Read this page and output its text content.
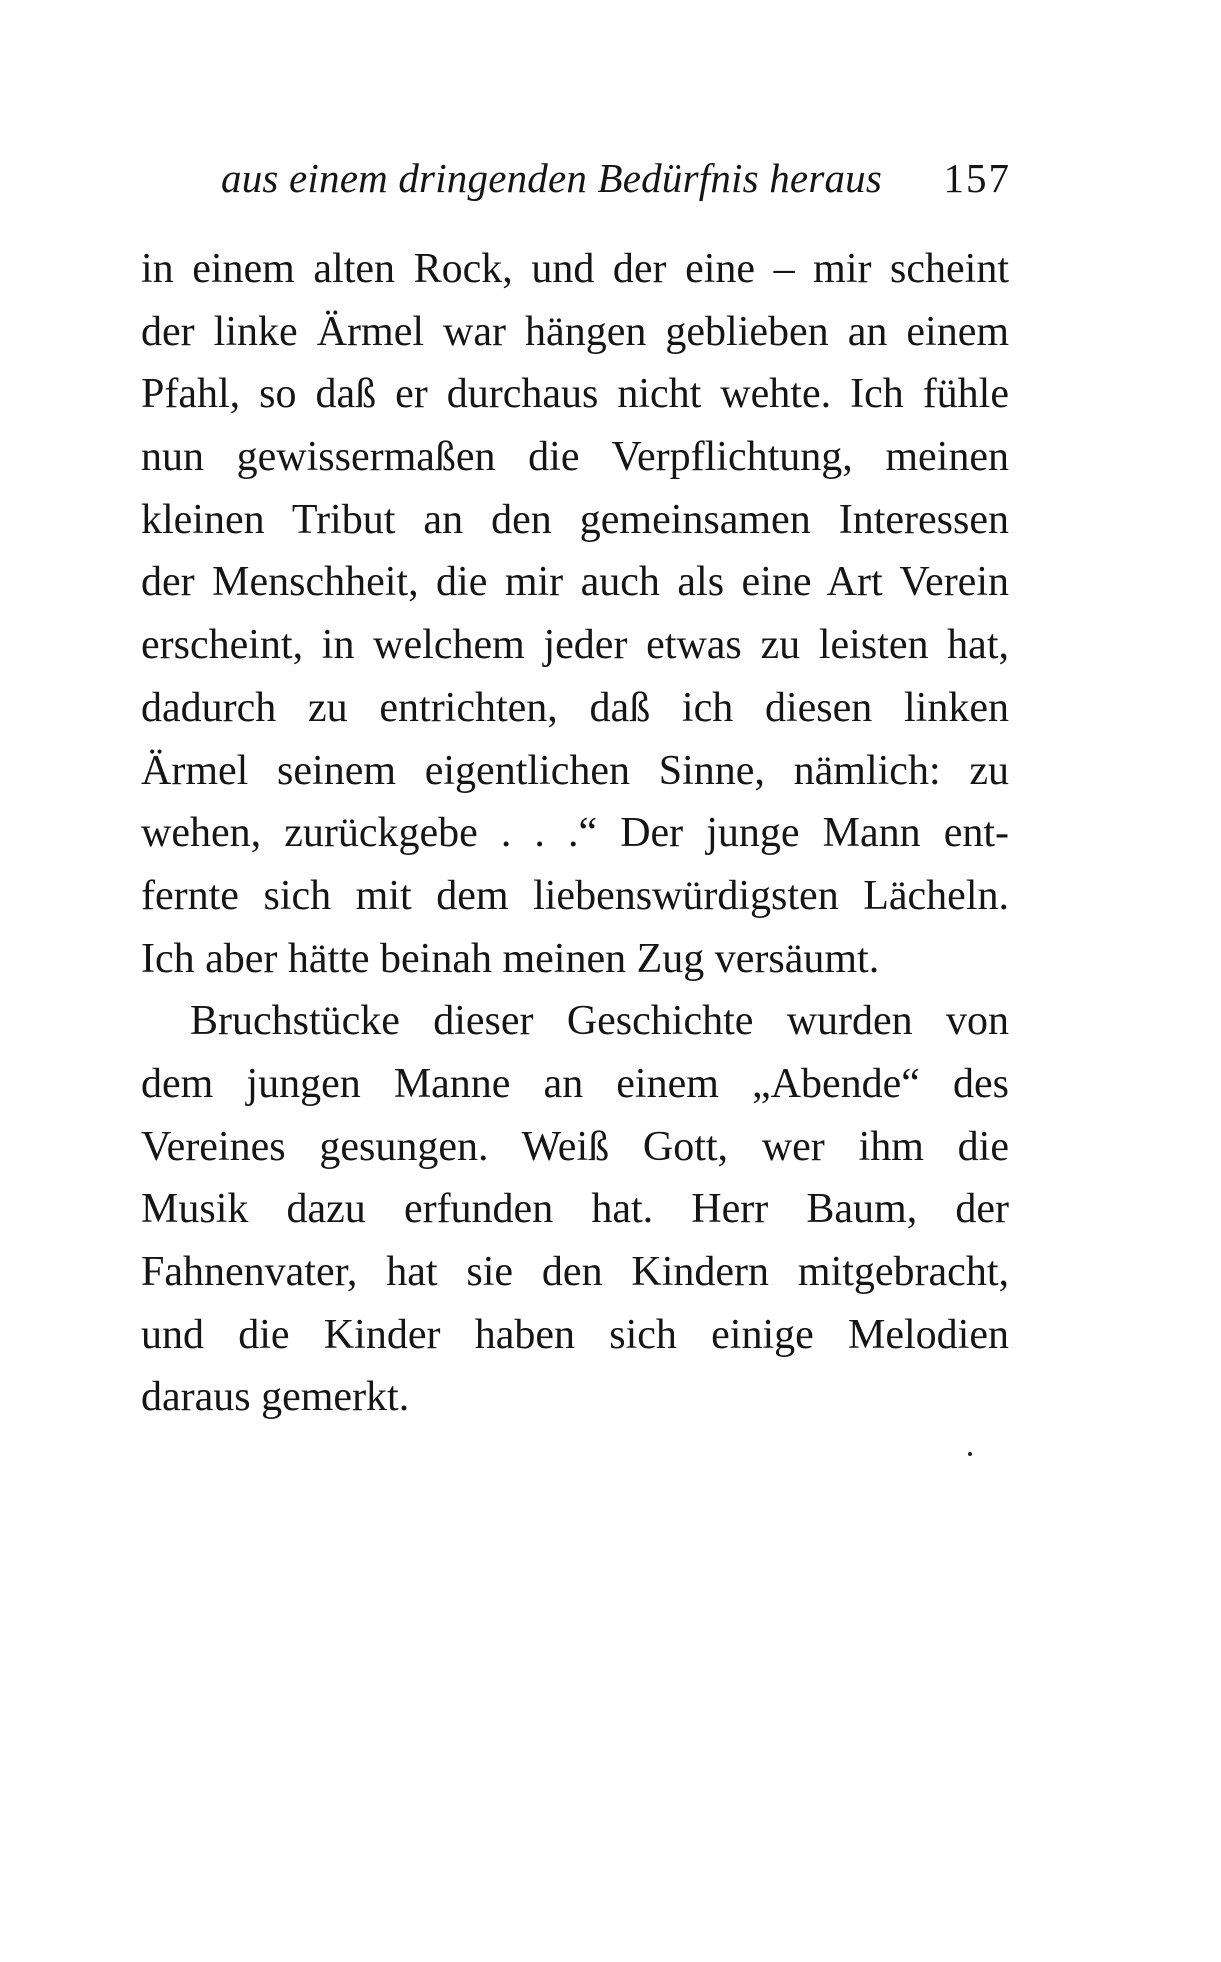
aus einem dringenden Bedürfnis heraus 157
in einem alten Rock, und der eine – mir scheint
der linke Ärmel war hängen geblieben an einem
Pfahl, so daß er durchaus nicht wehte. Ich fühle
nun gewissermaßen die Verpflichtung, meinen
kleinen Tribut an den gemeinsamen Interessen
der Menschheit, die mir auch als eine Art Verein
erscheint, in welchem jeder etwas zu leisten hat,
dadurch zu entrichten, daß ich diesen linken
Ärmel seinem eigentlichen Sinne, nämlich: zu
wehen, zurückgebe . . .“ Der junge Mann ent-
fernte sich mit dem liebenswürdigsten Lächeln.
Ich aber hätte beinah meinen Zug versäumt.
Bruchstücke dieser Geschichte wurden von
dem jungen Manne an einem „Abende“ des
Vereines gesungen. Weiß Gott, wer ihm die
Musik dazu erfunden hat. Herr Baum, der
Fahnenvater, hat sie den Kindern mitgebracht,
und die Kinder haben sich einige Melodien
daraus gemerkt.
